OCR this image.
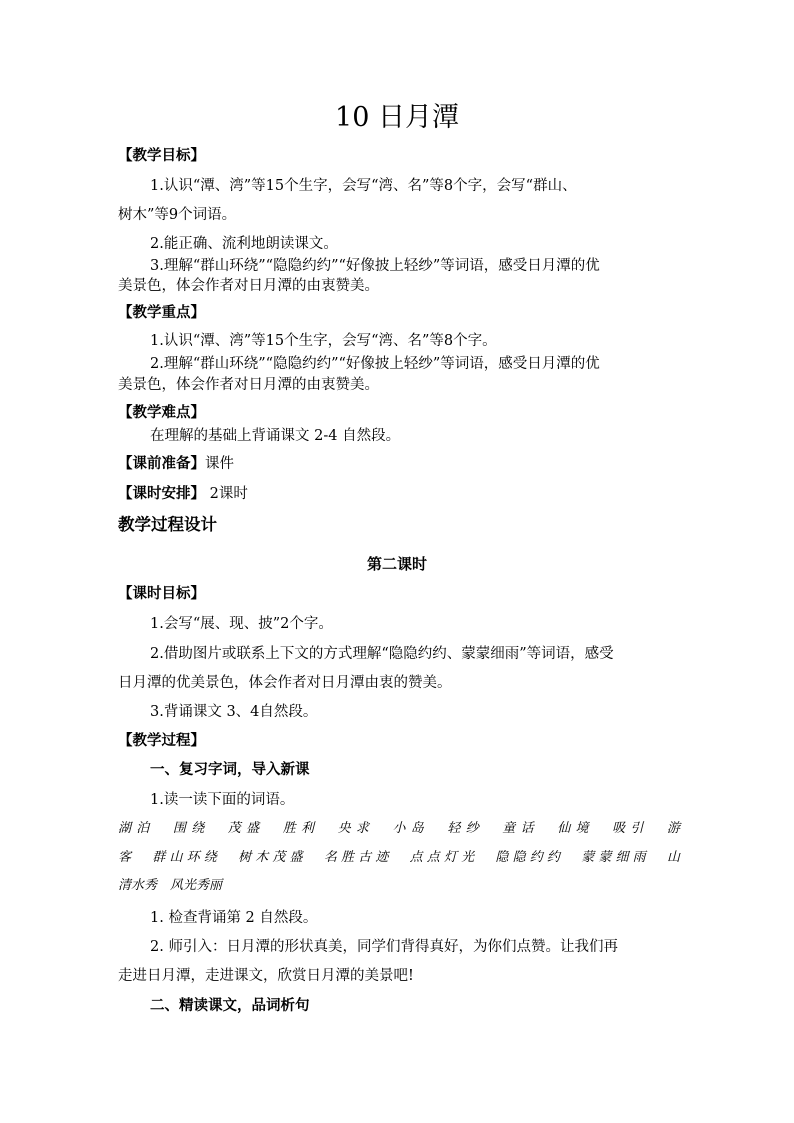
10 日月潭
【教学目标】
1.认识“潭、湾”等15个生字，会写“湾、名”等8个字，会写“群山、
树木”等9个词语。
2.能正确、流利地朗读课文。
3.理解“群山环绕”“隐隐约约”“好像披上轻纱”等词语，感受日月潭的优
美景色，体会作者对日月潭的由衷赞美。
【教学重点】
1.认识“潭、湾”等15个生字，会写“湾、名”等8个字。
2.理解“群山环绕”“隐隐约约”“好像披上轻纱”等词语，感受日月潭的优
美景色，体会作者对日月潭的由衷赞美。
【教学难点】
在理解的基础上背诵课文 2-4 自然段。
【课前准备】课件
【课时安排】 2课时
教学过程设计
第二课时
【课时目标】
1.会写“展、现、披”2个字。
2.借助图片或联系上下文的方式理解“隐隐约约、蒙蒙细雨”等词语，感受
日月潭的优美景色，体会作者对日月潭由衷的赞美。
3.背诵课文 3、4自然段。
【教学过程】
一、复习字词，导入新课
1.读一读下面的词语。
湖泊　围绕　茂盛　胜利　央求　小岛　轻纱　童话　仙境　吸引　游
客　群山环绕　树木茂盛　名胜古迹　点点灯光　隐隐约约　蒙蒙细雨　山
清水秀　风光秀丽
1. 检查背诵第 2 自然段。
2. 师引入：日月潭的形状真美，同学们背得真好，为你们点赞。让我们再
走进日月潭，走进课文，欣赏日月潭的美景吧!
二、精读课文，品词析句
